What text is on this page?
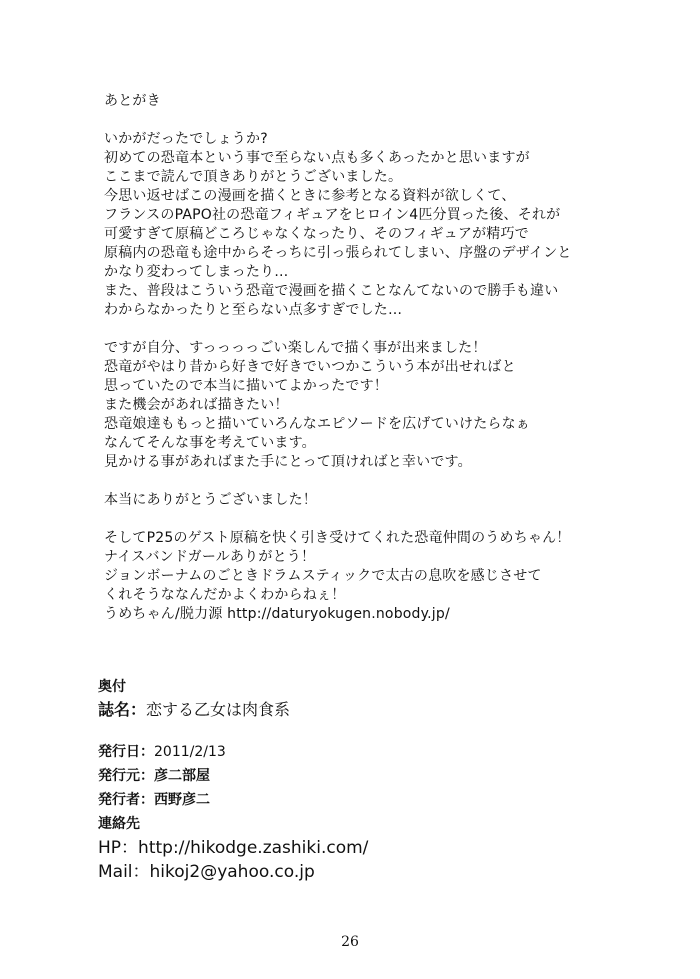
あとがき
いかがだったでしょうか?
初めての恐竜本という事で至らない点も多くあったかと思いますが
ここまで読んで頂きありがとうございました。
今思い返せばこの漫画を描くときに参考となる資料が欲しくて、
フランスのPAPO社の恐竜フィギュアをヒロイン4匹分買った後、それが
可愛すぎて原稿どころじゃなくなったり、そのフィギュアが精巧で
原稿内の恐竜も途中からそっちに引っ張られてしまい、序盤のデザインと
かなり変わってしまったり…
また、普段はこういう恐竜で漫画を描くことなんてないので勝手も違い
わからなかったりと至らない点多すぎでした…
ですが自分、すっっっっごい楽しんで描く事が出来ました！
恐竜がやはり昔から好きで好きでいつかこういう本が出せればと
思っていたので本当に描いてよかったです！
また機会があれば描きたい！
恐竜娘達ももっと描いていろんなエピソードを広げていけたらなぁ
なんてそんな事を考えています。
見かける事があればまた手にとって頂ければと幸いです。
本当にありがとうございました！
そしてP25のゲスト原稿を快く引き受けてくれた恐竜仲間のうめちゃん！
ナイスバンドガールありがとう！
ジョンボーナムのごときドラムスティックで太古の息吹を感じさせて
くれそうななんだかよくわからねぇ！
うめちゃん/脱力源 http://daturyokugen.nobody.jp/
奥付
誌名：恋する乙女は肉食系
発行日：2011/2/13
発行元：彦二部屋
発行者：西野彦二
連絡先
HP：http://hikodge.zashiki.com/
Mail：hikoj2@yahoo.co.jp
26
